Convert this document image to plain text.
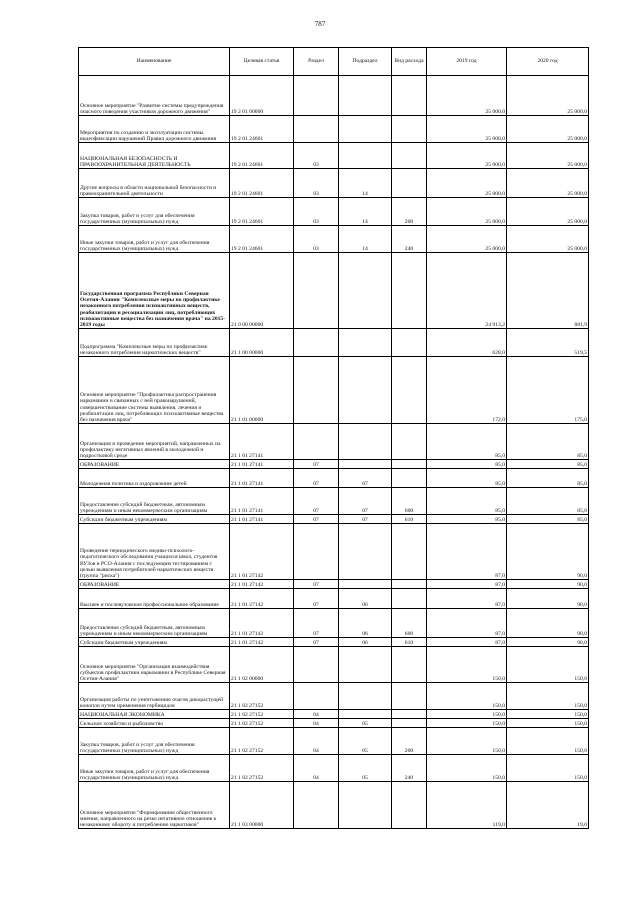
787
Наименование	Целевая статья	Раздел	Подраздел	Вид расхода	2019 год	2020 год
Основное мероприятие "Развитие системы предупреждения опасного поведения участников дорожного движения"	19 2 01 00000				25 000,0	25 000,0
Мероприятия по созданию и эксплуатации системы видеофиксации нарушений Правил дорожного движения	19 2 01 24601				25 000,0	25 000,0
НАЦИОНАЛЬНАЯ БЕЗОПАСНОСТЬ И ПРАВООХРАНИТЕЛЬНАЯ ДЕЯТЕЛЬНОСТЬ	19 2 01 24601	03			25 000,0	25 000,0
Другие вопросы в области национальной безопасности и правоохранительной деятельности	19 2 01 24601	03	14		25 000,0	25 000,0
Закупка товаров, работ и услуг для обеспечения государственных (муниципальных) нужд	19 2 01 24601	03	14	200	25 000,0	25 000,0
Иные закупки товаров, работ и услуг для обеспечения государственных (муниципальных) нужд	19 2 01 24601	03	14	240	25 000,0	25 000,0
Государственная программа Республики Северная Осетия-Алания "Комплексные меры по профилактике незаконного потребления психоактивных веществ, реабилитации и ресоциализации лиц, потребляющих психоактивные вещества без назначения врача" на 2015-2019 годы	21 0 00 00000				24 913,2	881,9
Подпрограмма "Комплексные меры по профилактике незаконного потребления наркотических веществ"	21 1 00 00000				628,0	519,5
Основное мероприятие "Профилактика распространения наркомании и связанных с ней правонарушений, совершенствование системы выявления, лечения и реабилитации лиц, потребляющих психоактивные вещества без назначения врача"	21 1 01 00000				172,0	175,0
Организация и проведение мероприятий, направленных на профилактику негативных явлений в молодежной и подростковой среде	21 1 01 27141				85,0	85,0
ОБРАЗОВАНИЕ	21 1 01 27141	07			85,0	85,0
Молодежная политика и оздоровление детей	21 1 01 27141	07	07		85,0	85,0
Предоставление субсидий бюджетным, автономным учреждениям и иным некоммерческим организациям	21 1 01 27141	07	07	600	85,0	85,0
Субсидии бюджетным учреждениям	21 1 01 27141	07	07	610	85,0	85,0
Проведение периодического медико-психолого-педагогического обследования учащихся школ, студентов ВУЗов в РСО-Алания с последующим тестированием с целью выявления потребителей наркотических веществ (группа "риска")	21 1 01 27142				87,0	90,0
ОБРАЗОВАНИЕ	21 1 01 27142	07			87,0	90,0
Высшее и послевузовское профессиональное образование	21 1 01 27142	07	06		87,0	90,0
Предоставление субсидий бюджетным, автономным учреждениям и иным некоммерческим организациям	21 1 01 27142	07	06	600	87,0	90,0
Субсидии бюджетным учреждениям	21 1 01 27142	07	06	610	87,0	90,0
Основное мероприятие "Организация взаимодействия субъектов профилактики наркомании в Республике Северная Осетия-Алания"	21 1 02 00000				150,0	150,0
Организация работы по уничтожению очагов дикорастущей конопли путем применения гербицидов	21 1 02 27152				150,0	150,0
НАЦИОНАЛЬНАЯ ЭКОНОМИКА	21 1 02 27152	04			150,0	150,0
Сельское хозяйство и рыболовство	21 1 02 27152	04	05		150,0	150,0
Закупка товаров, работ и услуг для обеспечения государственных (муниципальных) нужд	21 1 02 27152	04	05	200	150,0	150,0
Иные закупки товаров, работ и услуг для обеспечения государственных (муниципальных) нужд	21 1 02 27152	04	05	240	150,0	150,0
Основное мероприятие "Формирование общественного мнения, направленного на резко негативное отношение к незаконному обороту и потреблению наркотиков"	21 1 03 00000				119,0	19,0
